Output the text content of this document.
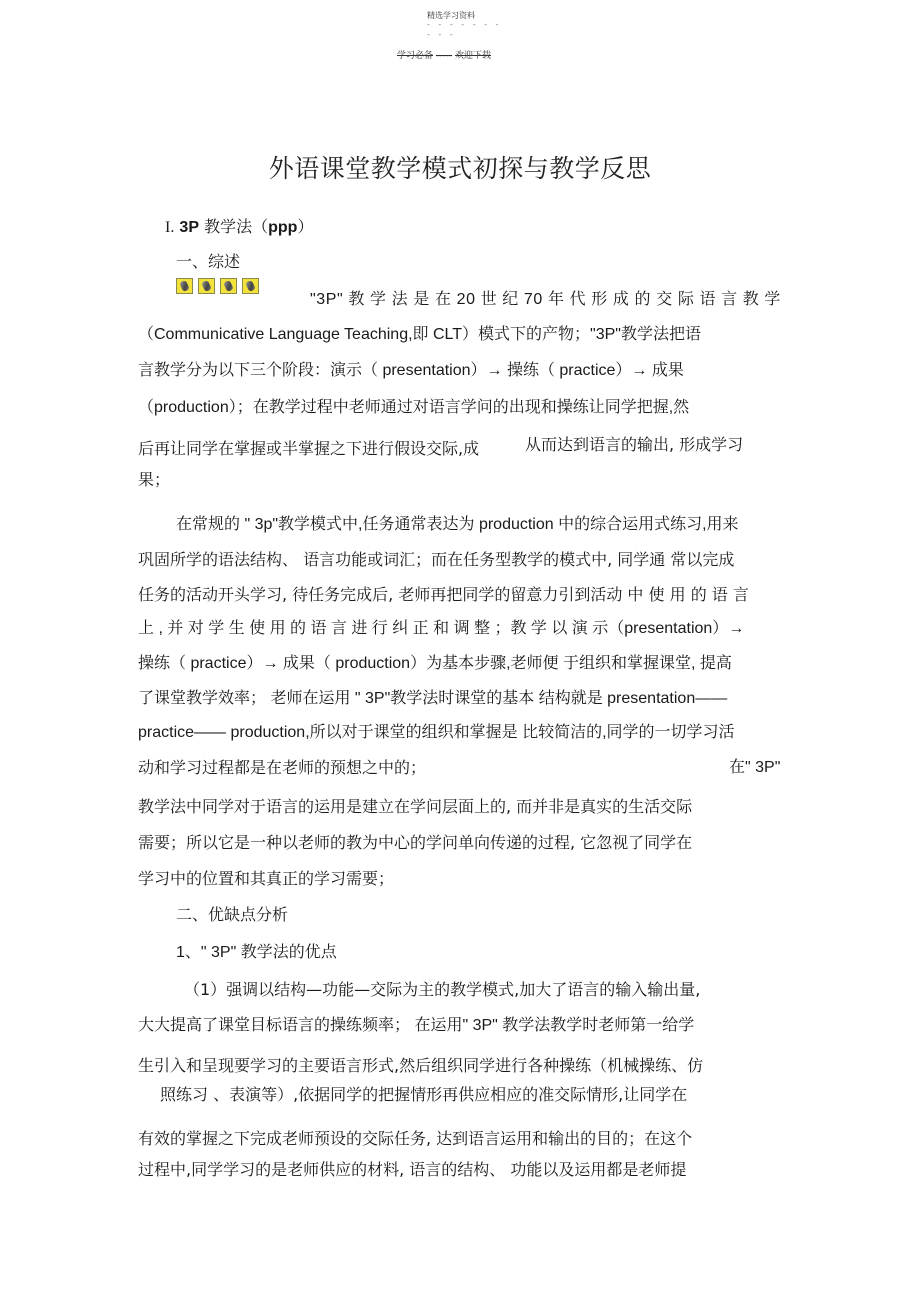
精选学习资料
- - - - - - -
- - -
学习必备 ----- 欢迎下载
外语课堂教学模式初探与教学反思
I. 3P 教学法（ppp）
一、综述
"3P" 教 学 法 是 在 20 世 纪 70 年 代 形 成 的 交 际 语 言 教 学
（Communicative Language Teaching,即 CLT）模式下的产物；"3P"教学法把语
言教学分为以下三个阶段：演示（ presentation）→ 操练（ practice）→ 成果
（production）；在教学过程中老师通过对语言学问的出现和操练让同学把握,然
后再让同学在掌握或半掌握之下进行假设交际,成	从而达到语言的输出, 形成学习
果；
在常规的 " 3p"教学模式中,任务通常表达为 production 中的综合运用式练习,用来
巩固所学的语法结构、 语言功能或词汇；而在任务型教学的模式中, 同学通 常以完成
任务的活动开头学习, 待任务完成后, 老师再把同学的留意力引到活动 中 使 用 的 语 言
上 , 并 对 学 生 使 用 的 语 言 进 行 纠 正 和 调 整 ；教 学 以 演 示（presentation）→
操练（ practice）→ 成果（ production）为基本步骤,老师便 于组织和掌握课堂, 提高
了课堂教学效率； 老师在运用 " 3P"教学法时课堂的基本 结构就是 presentation——
practice—— production,所以对于课堂的组织和掌握是 比较简洁的,同学的一切学习活
动和学习过程都是在老师的预想之中的；	在" 3P"
教学法中同学对于语言的运用是建立在学问层面上的, 而并非是真实的生活交际
需要；所以它是一种以老师的教为中心的学问单向传递的过程, 它忽视了同学在
学习中的位置和其真正的学习需要；
二、优缺点分析
1、" 3P" 教学法的优点
（1）强调以结构—功能—交际为主的教学模式,加大了语言的输入输出量,
大大提高了课堂目标语言的操练频率； 在运用" 3P" 教学法教学时老师第一给学
生引入和呈现要学习的主要语言形式,然后组织同学进行各种操练（机械操练、仿
照练习 、表演等）,依据同学的把握情形再供应相应的准交际情形,让同学在
有效的掌握之下完成老师预设的交际任务, 达到语言运用和输出的目的；在这个
过程中,同学学习的是老师供应的材料, 语言的结构、 功能以及运用都是老师提
